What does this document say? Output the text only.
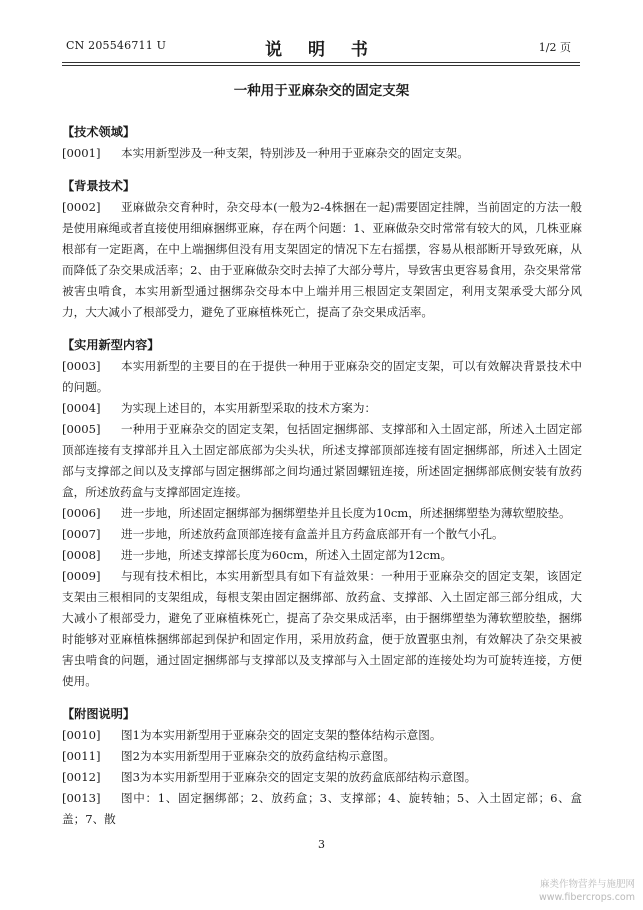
CN 205546711 U	说 明 书	1/2 页
一种用于亚麻杂交的固定支架
【技术领域】
[0001]	本实用新型涉及一种支架，特别涉及一种用于亚麻杂交的固定支架。
【背景技术】
[0002]	亚麻做杂交育种时，杂交母本(一般为2-4株捆在一起)需要固定挂牌，当前固定的方法一般是使用麻绳或者直接使用细麻捆绑亚麻，存在两个问题：1、亚麻做杂交时常常有较大的风，几株亚麻根部有一定距离，在中上端捆绑但没有用支架固定的情况下左右摇摆，容易从根部断开导致死麻，从而降低了杂交果成活率；2、由于亚麻做杂交时去掉了大部分萼片，导致害虫更容易食用，杂交果常常被害虫啃食，本实用新型通过捆绑杂交母本中上端并用三根固定支架固定，利用支架承受大部分风力，大大减小了根部受力，避免了亚麻植株死亡，提高了杂交果成活率。
【实用新型内容】
[0003]	本实用新型的主要目的在于提供一种用于亚麻杂交的固定支架，可以有效解决背景技术中的问题。
[0004]	为实现上述目的，本实用新型采取的技术方案为：
[0005]	一种用于亚麻杂交的固定支架，包括固定捆绑部、支撑部和入土固定部，所述入土固定部顶部连接有支撑部并且入土固定部底部为尖头状，所述支撑部顶部连接有固定捆绑部，所述入土固定部与支撑部之间以及支撑部与固定捆绑部之间均通过紧固螺钮连接，所述固定捆绑部底侧安装有放药盒，所述放药盒与支撑部固定连接。
[0006]	进一步地，所述固定捆绑部为捆绑塑垫并且长度为10cm，所述捆绑塑垫为薄软塑胶垫。
[0007]	进一步地，所述放药盒顶部连接有盒盖并且方药盒底部开有一个散气小孔。
[0008]	进一步地，所述支撑部长度为60cm，所述入土固定部为12cm。
[0009]	与现有技术相比，本实用新型具有如下有益效果：一种用于亚麻杂交的固定支架，该固定支架由三根相同的支架组成，每根支架由固定捆绑部、放药盒、支撑部、入土固定部三部分组成，大大减小了根部受力，避免了亚麻植株死亡，提高了杂交果成活率，由于捆绑塑垫为薄软塑胶垫，捆绑时能够对亚麻植株捆绑部起到保护和固定作用，采用放药盒，便于放置驱虫剂，有效解决了杂交果被害虫啃食的问题，通过固定捆绑部与支撑部以及支撑部与入土固定部的连接处均为可旋转连接，方便使用。
【附图说明】
[0010]	图1为本实用新型用于亚麻杂交的固定支架的整体结构示意图。
[0011]	图2为本实用新型用于亚麻杂交的放药盒结构示意图。
[0012]	图3为本实用新型用于亚麻杂交的固定支架的放药盒底部结构示意图。
[0013]	图中：1、固定捆绑部；2、放药盒；3、支撑部；4、旋转轴；5、入土固定部；6、盒盖；7、散
3
麻类作物营养与施肥网
www.fibercrops.com
